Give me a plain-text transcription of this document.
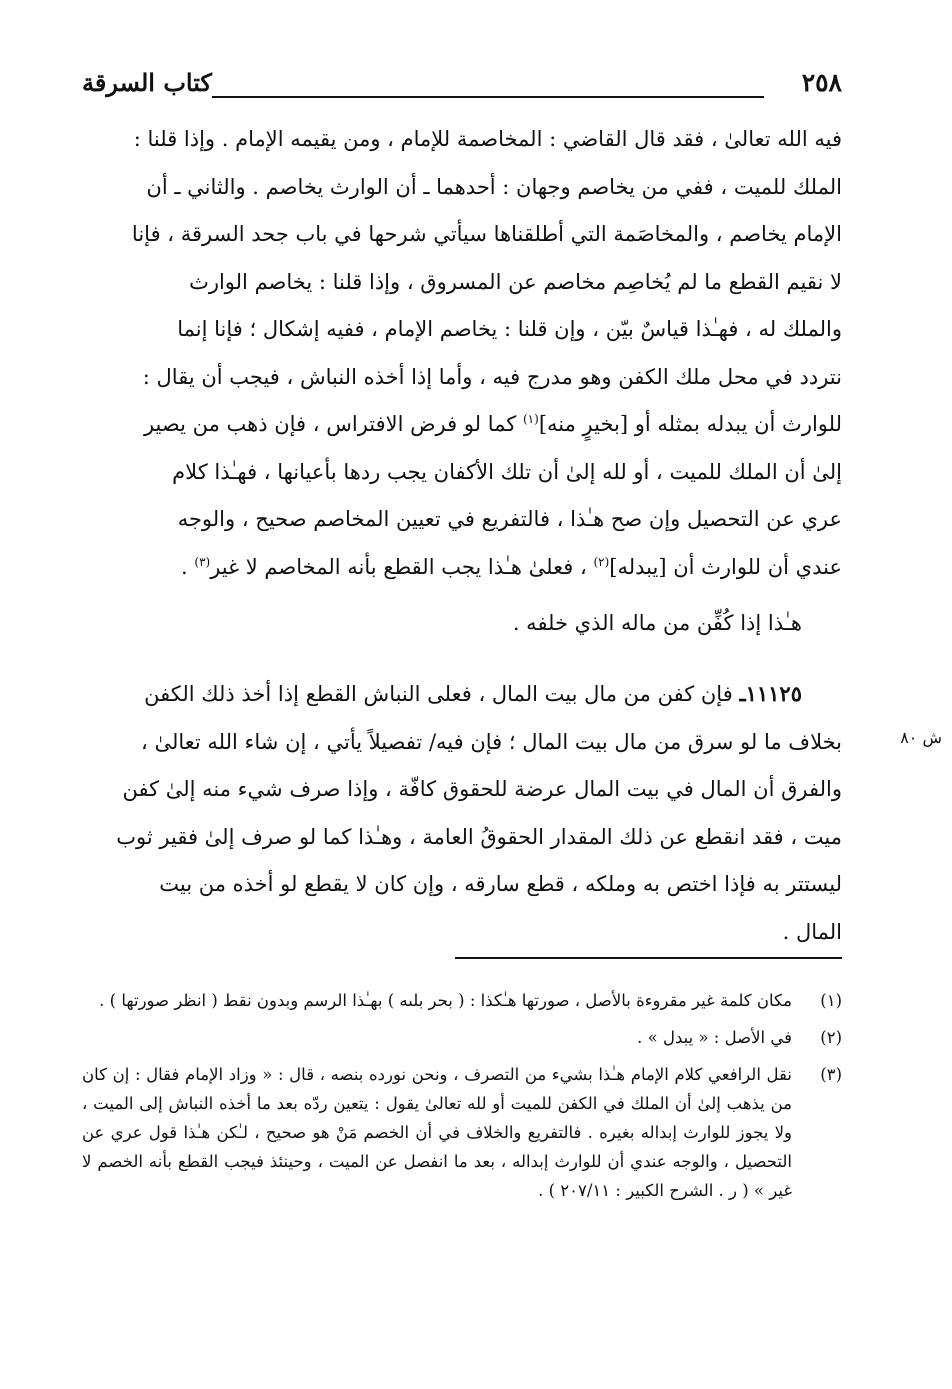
٢٥٨
كتاب السرقة

فيه الله تعالىٰ ، فقد قال القاضي : المخاصمة للإمام ، ومن يقيمه الإمام . وإذا قلنا :

الملك للميت ، ففي من يخاصم وجهان : أحدهما ـ أن الوارث يخاصم . والثاني ـ أن

الإمام يخاصم ، والمخاصَمة التي أطلقناها سيأتي شرحها في باب جحد السرقة ، فإنا

لا نقيم القطع ما لم يُخاصِم مخاصم عن المسروق ، وإذا قلنا : يخاصم الوارث

والملك له ، فهـٰذا قياسٌ بيّن ، وإن قلنا : يخاصم الإمام ، ففيه إشكال ؛ فإنا إنما

نتردد في محل ملك الكفن وهو مدرج فيه ، وأما إذا أخذه النباش ، فيجب أن يقال :

للوارث أن يبدله بمثله أو [بخيرٍ منه]$^{(١)}$ كما لو فرض الافتراس ، فإن ذهب من يصير

إلىٰ أن الملك للميت ، أو لله إلىٰ أن تلك الأكفان يجب ردها بأعيانها ، فهـٰذا كلام

عري عن التحصيل وإن صح هـٰذا ، فالتفريع في تعيين المخاصم صحيح ، والوجه

عندي أن للوارث أن [يبدله]$^{(٢)}$ ، فعلىٰ هـٰذا يجب القطع بأنه المخاصم لا غير$^{(٣)}$ .

هـٰذا إذا كُفِّن من ماله الذي خلفه .

١١١٢٥ـ فإن كفن من مال بيت المال ، فعلى النباش القطع إذا أخذ ذلك الكفن

بخلاف ما لو سرق من مال بيت المال ؛ فإن فيه/ تفصيلاً يأتي ، إن شاء الله تعالىٰ ،

والفرق أن المال في بيت المال عرضة للحقوق كافّة ، وإذا صرف شيء منه إلىٰ كفن

ميت ، فقد انقطع عن ذلك المقدار الحقوقُ العامة ، وهـٰذا كما لو صرف إلىٰ فقير ثوب

ليستتر به فإذا اختص به وملكه ، قطع سارقه ، وإن كان لا يقطع لو أخذه من بيت

المال .

ش ٨٠
(١)
مكان كلمة غير مقروءة بالأصل ، صورتها هـٰكذا : ( بحر بلىه ) بهـٰذا الرسم وبدون نقط ( انظر صورتها ) .
(٢)
في الأصل : « يبدل » .
(٣)
نقل الرافعي كلام الإمام هـٰذا بشيء من التصرف ، ونحن نورده بنصه ، قال : « وزاد الإمام فقال : إن كان من يذهب إلىٰ أن الملك في الكفن للميت أو لله تعالىٰ يقول : يتعين ردّه بعد ما أخذه النباش إلى الميت ، ولا يجوز للوارث إبداله بغيره . فالتفريع والخلاف في أن الخصم مَنْ هو صحيح ، لـٰكن هـٰذا قول عري عن التحصيل ، والوجه عندي أن للوارث إبداله ، بعد ما انفصل عن الميت ، وحينئذ فيجب القطع بأنه الخصم لا غير » ( ر . الشرح الكبير : ٢٠٧/١١ ) .
